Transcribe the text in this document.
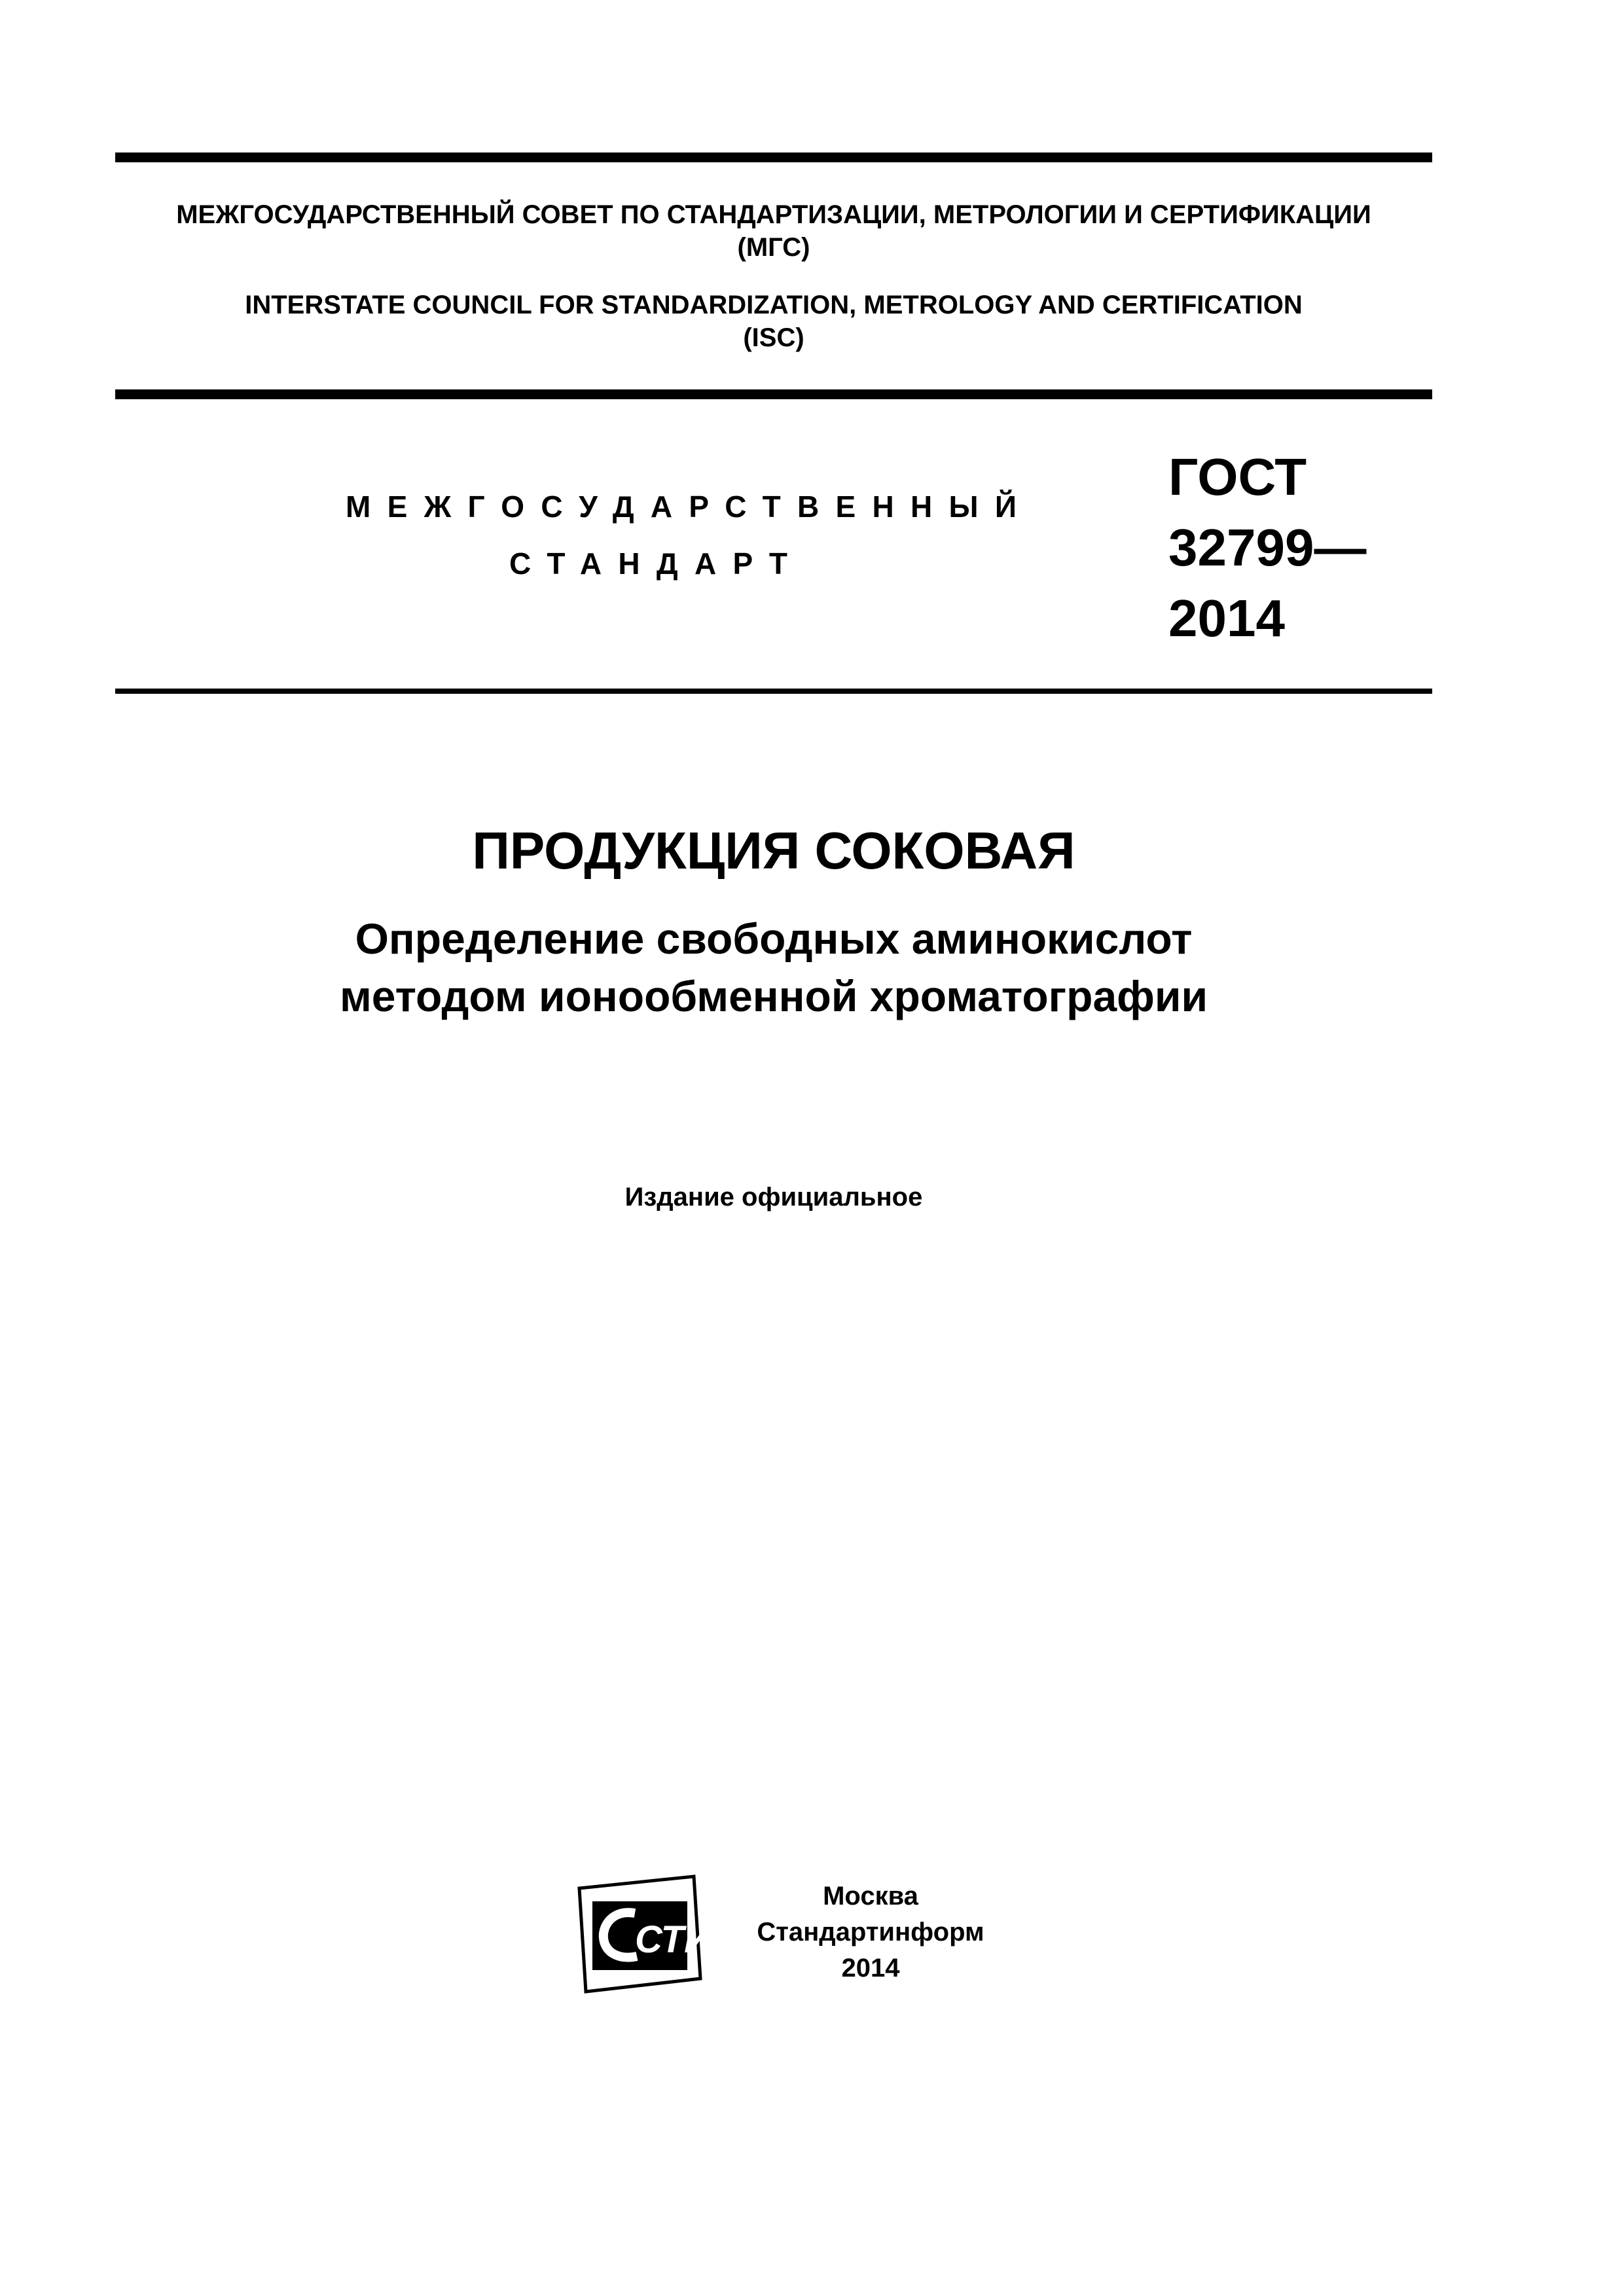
МЕЖГОСУДАРСТВЕННЫЙ СОВЕТ ПО СТАНДАРТИЗАЦИИ, МЕТРОЛОГИИ И СЕРТИФИКАЦИИ
(МГС)
INTERSTATE COUNCIL FOR STANDARDIZATION, METROLOGY AND CERTIFICATION
(ISC)
МЕЖГОСУДАРСТВЕННЫЙ
СТАНДАРТ
ГОСТ
32799—
2014
ПРОДУКЦИЯ СОКОВАЯ
Определение свободных аминокислот
методом ионообменной хроматографии
Издание официальное
СТИ
Москва
Стандартинформ
2014
